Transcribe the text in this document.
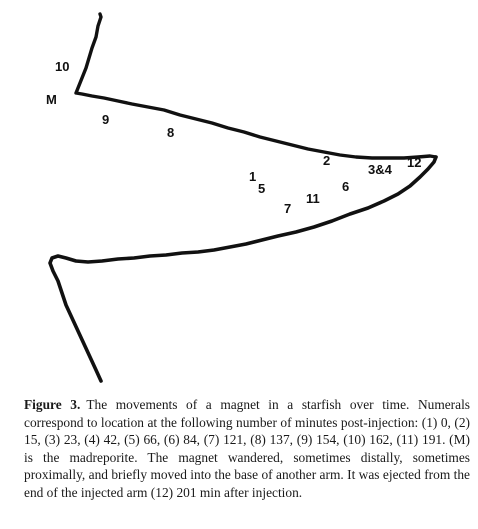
10
M
9
8
1
5
7
11
2
6
3&4 12

Figure 3. The movements of a magnet in a starfish over time. Numerals correspond to location at the following number of minutes post-injection: (1) 0, (2) 15, (3) 23, (4) 42, (5) 66, (6) 84, (7) 121, (8) 137, (9) 154, (10) 162, (11) 191. (M) is the madreporite. The magnet wandered, sometimes distally, sometimes proximally, and briefly moved into the base of another arm. It was ejected from the end of the injected arm (12) 201 min after injection.
